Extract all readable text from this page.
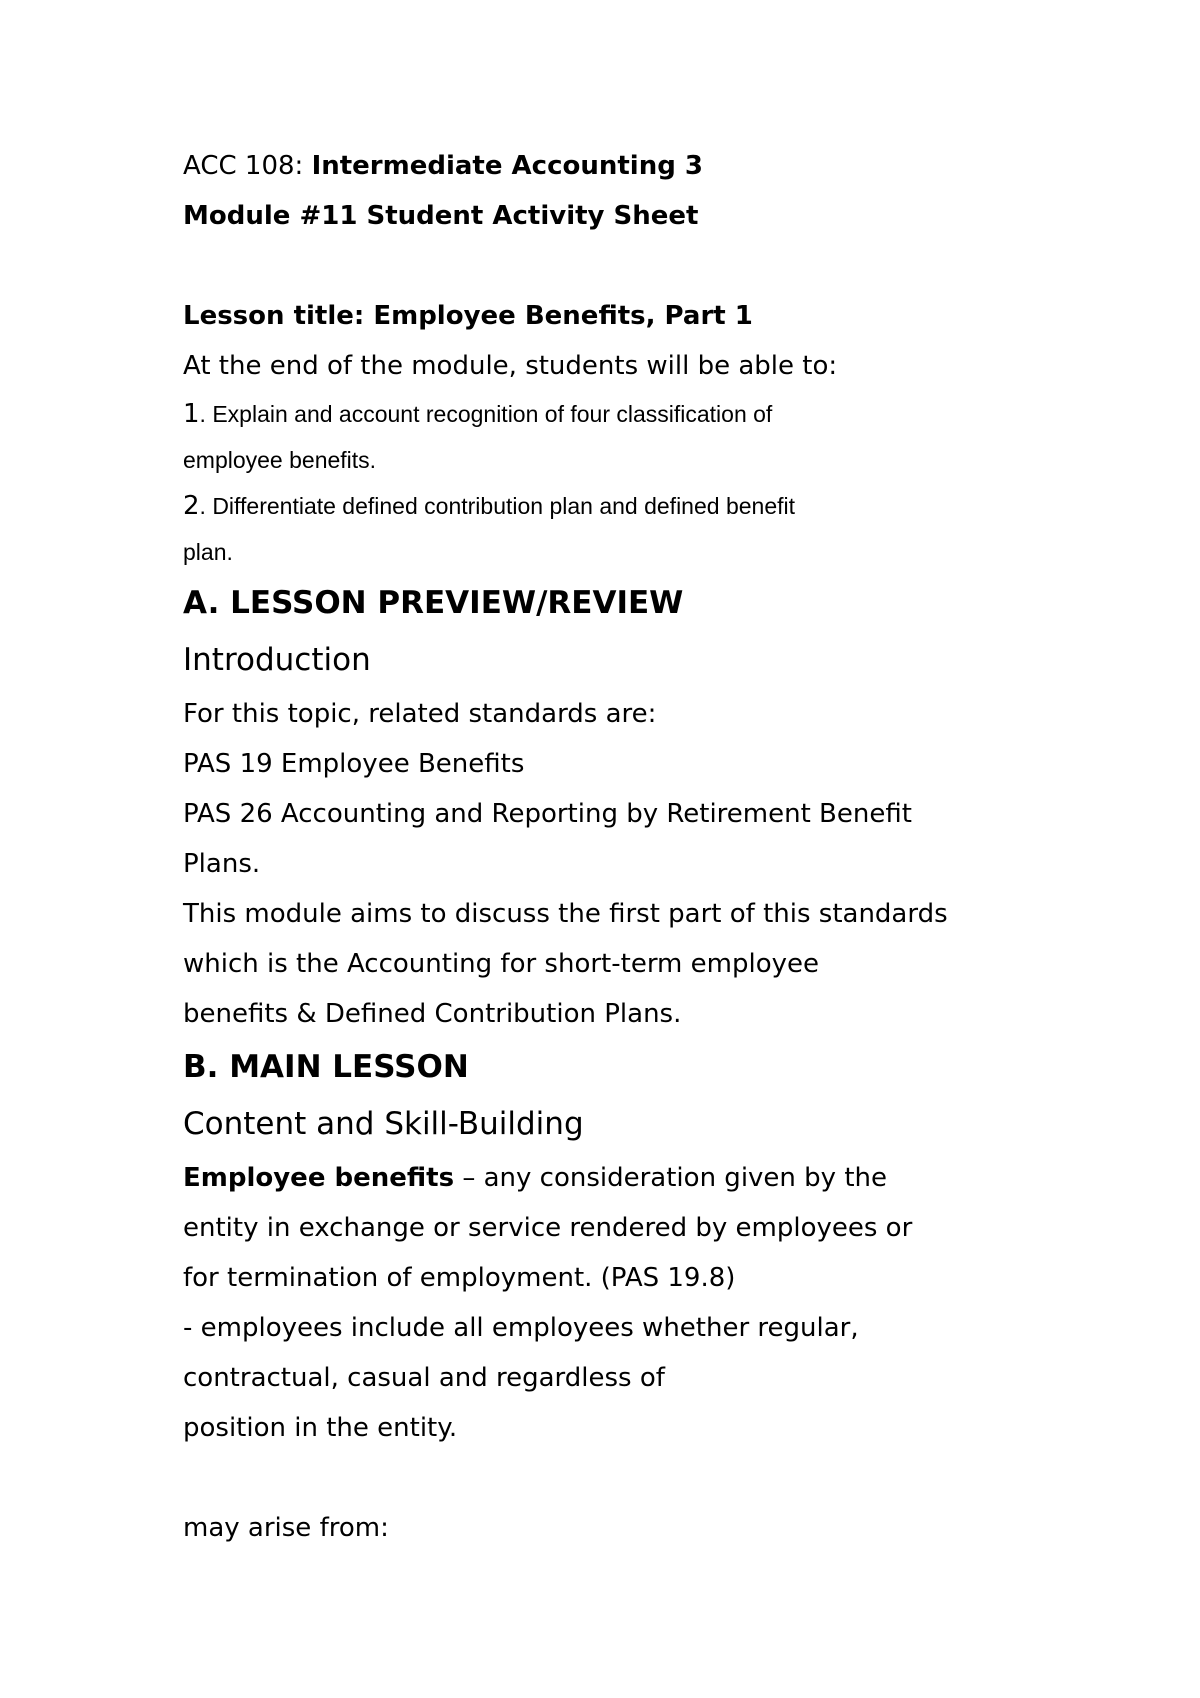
ACC 108: Intermediate Accounting 3

Module #11 Student Activity Sheet

Lesson title: Employee Benefits, Part 1

At the end of the module, students will be able to:

1. Explain and account recognition of four classification of

employee benefits.

2. Differentiate defined contribution plan and defined benefit

plan.

A. LESSON PREVIEW/REVIEW

Introduction

For this topic, related standards are:

PAS 19 Employee Benefits

PAS 26 Accounting and Reporting by Retirement Benefit

Plans.

This module aims to discuss the first part of this standards

which is the Accounting for short-term employee

benefits & Defined Contribution Plans.

B. MAIN LESSON

Content and Skill-Building

Employee benefits – any consideration given by the

entity in exchange or service rendered by employees or

for termination of employment. (PAS 19.8)

- employees include all employees whether regular,

contractual, casual and regardless of

position in the entity.

may arise from:
